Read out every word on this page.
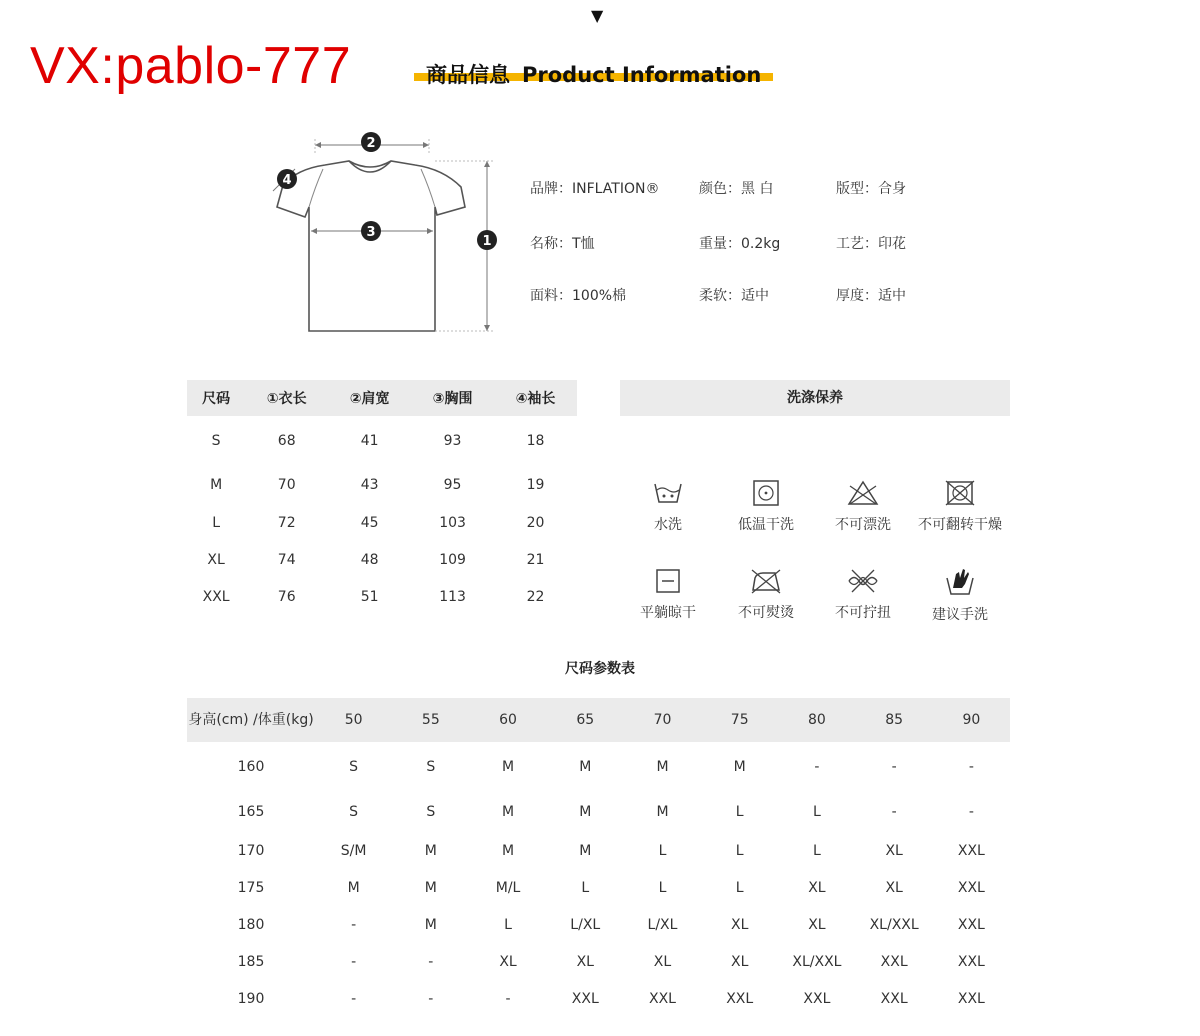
▼
VX:pablo-777	商品信息 Product Information
2
4
3
1
品牌：INFLATION®	颜色：黑 白	版型：合身
名称：T恤	重量：0.2kg	工艺：印花
面料：100%棉	柔软：适中	厚度：适中
尺码	①衣长	②肩宽	③胸围	④袖长
S	68	41	93	18
M	70	43	95	19
L	72	45	103	20
XL	74	48	109	21
XXL	76	51	113	22
洗涤保养
水洗	低温干洗	不可漂洗	不可翻转干燥
平躺晾干	不可熨烫	不可拧扭	建议手洗
尺码参数表
身高(cm) /体重(kg)	50	55	60	65	70	75	80	85	90
160	S	S	M	M	M	M	-	-	-
165	S	S	M	M	M	L	L	-	-
170	S/M	M	M	M	L	L	L	XL	XXL
175	M	M	M/L	L	L	L	XL	XL	XXL
180	-	M	L	L/XL	L/XL	XL	XL	XL/XXL	XXL
185	-	-	XL	XL	XL	XL	XL/XXL	XXL	XXL
190	-	-	-	XXL	XXL	XXL	XXL	XXL	XXL
